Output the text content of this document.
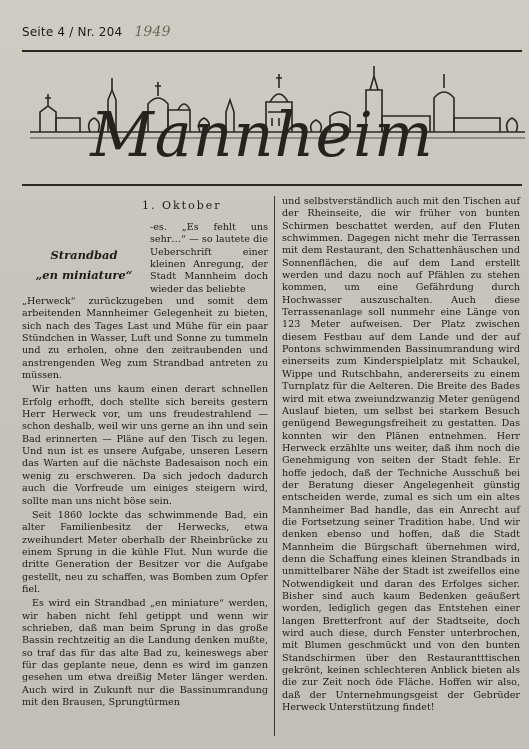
Seite 4 / Nr. 204 1949
Mannheim
1. Oktober
Strandbad
„en miniature“

-es. „Es fehlt uns sehr…“ — so lautete die Ueberschrift einer kleinen Anregung, der Stadt Mannheim doch wieder das beliebte

„Herweck“ zurückzugeben und somit dem arbeitenden Mannheimer Gelegenheit zu bieten, sich nach des Tages Last und Mühe für ein paar Stündchen in Wasser, Luft und Sonne zu tummeln und zu erholen, ohne den zeitraubenden und anstrengenden Weg zum Strandbad antreten zu müssen.

Wir hatten uns kaum einen derart schnellen Erfolg erhofft, doch stellte sich bereits gestern Herr Herweck vor, um uns freudestrahlend — schon deshalb, weil wir uns gerne an ihn und sein Bad erinnerten — Pläne auf den Tisch zu legen. Und nun ist es unsere Aufgabe, unseren Lesern das Warten auf die nächste Badesaison noch ein wenig zu erschweren. Da sich jedoch dadurch auch die Vorfreude um einiges steigern wird, sollte man uns nicht böse sein.

Seit 1860 lockte das schwimmende Bad, ein alter Familienbesitz der Herwecks, etwa zweihundert Meter oberhalb der Rheinbrücke zu einem Sprung in die kühle Flut. Nun wurde die dritte Generation der Besitzer vor die Aufgabe gestellt, neu zu schaffen, was Bomben zum Opfer fiel.

Es wird ein Strandbad „en miniature“ werden, wir haben nicht fehl getippt und wenn wir schrieben, daß man beim Sprung in das große Bassin rechtzeitig an die Landung denken mußte, so traf das für das alte Bad zu, keineswegs aber für das geplante neue, denn es wird im ganzen gesehen um etwa dreißig Meter länger werden. Auch wird in Zukunft nur die Bassinumrandung mit den Brausen, Sprungtürmen

und selbstverständlich auch mit den Tischen auf der Rheinseite, die wir früher von bunten Schirmen beschattet werden, auf den Fluten schwimmen. Dagegen nicht mehr die Terrassen mit dem Restaurant, den Schattenhäuschen und Sonnenflächen, die auf dem Land erstellt werden und dazu noch auf Pfählen zu stehen kommen, um eine Gefährdung durch Hochwasser auszuschalten. Auch diese Terrassenanlage soll nunmehr eine Länge von 123 Meter aufweisen. Der Platz zwischen diesem Festbau auf dem Lande und der auf Pontons schwimmenden Bassinumrandung wird einerseits zum Kinderspielplatz mit Schaukel, Wippe und Rutschbahn, andererseits zu einem Turnplatz für die Aelteren. Die Breite des Bades wird mit etwa zweiundzwanzig Meter genügend Auslauf bieten, um selbst bei starkem Besuch genügend Bewegungsfreiheit zu gestatten. Das konnten wir den Plänen entnehmen. Herr Herweck erzählte uns weiter, daß ihm noch die Genehmigung von seiten der Stadt fehle. Er hoffe jedoch, daß der Techniche Ausschuß bei der Beratung dieser Angelegenheit günstig entscheiden werde, zumal es sich um ein altes Mannheimer Bad handle, das ein Anrecht auf die Fortsetzung seiner Tradition habe. Und wir denken ebenso und hoffen, daß die Stadt Mannheim die Bürgschaft übernehmen wird, denn die Schaffung eines kleinen Strandbads in unmittelbarer Nähe der Stadt ist zweifellos eine Notwendigkeit und daran des Erfolges sicher. Bisher sind auch kaum Bedenken geäußert worden, lediglich gegen das Entstehen einer langen Bretterfront auf der Stadtseite, doch wird auch diese, durch Fenster unterbrochen, mit Blumen geschmückt und von den bunten Standschirmen über den Restaurantttischen gekrönt, keinen schlechteren Anblick bieten als die zur Zeit noch öde Fläche. Hoffen wir also, daß der Unternehmungsgeist der Gebrüder Herweck Unterstützung findet!
